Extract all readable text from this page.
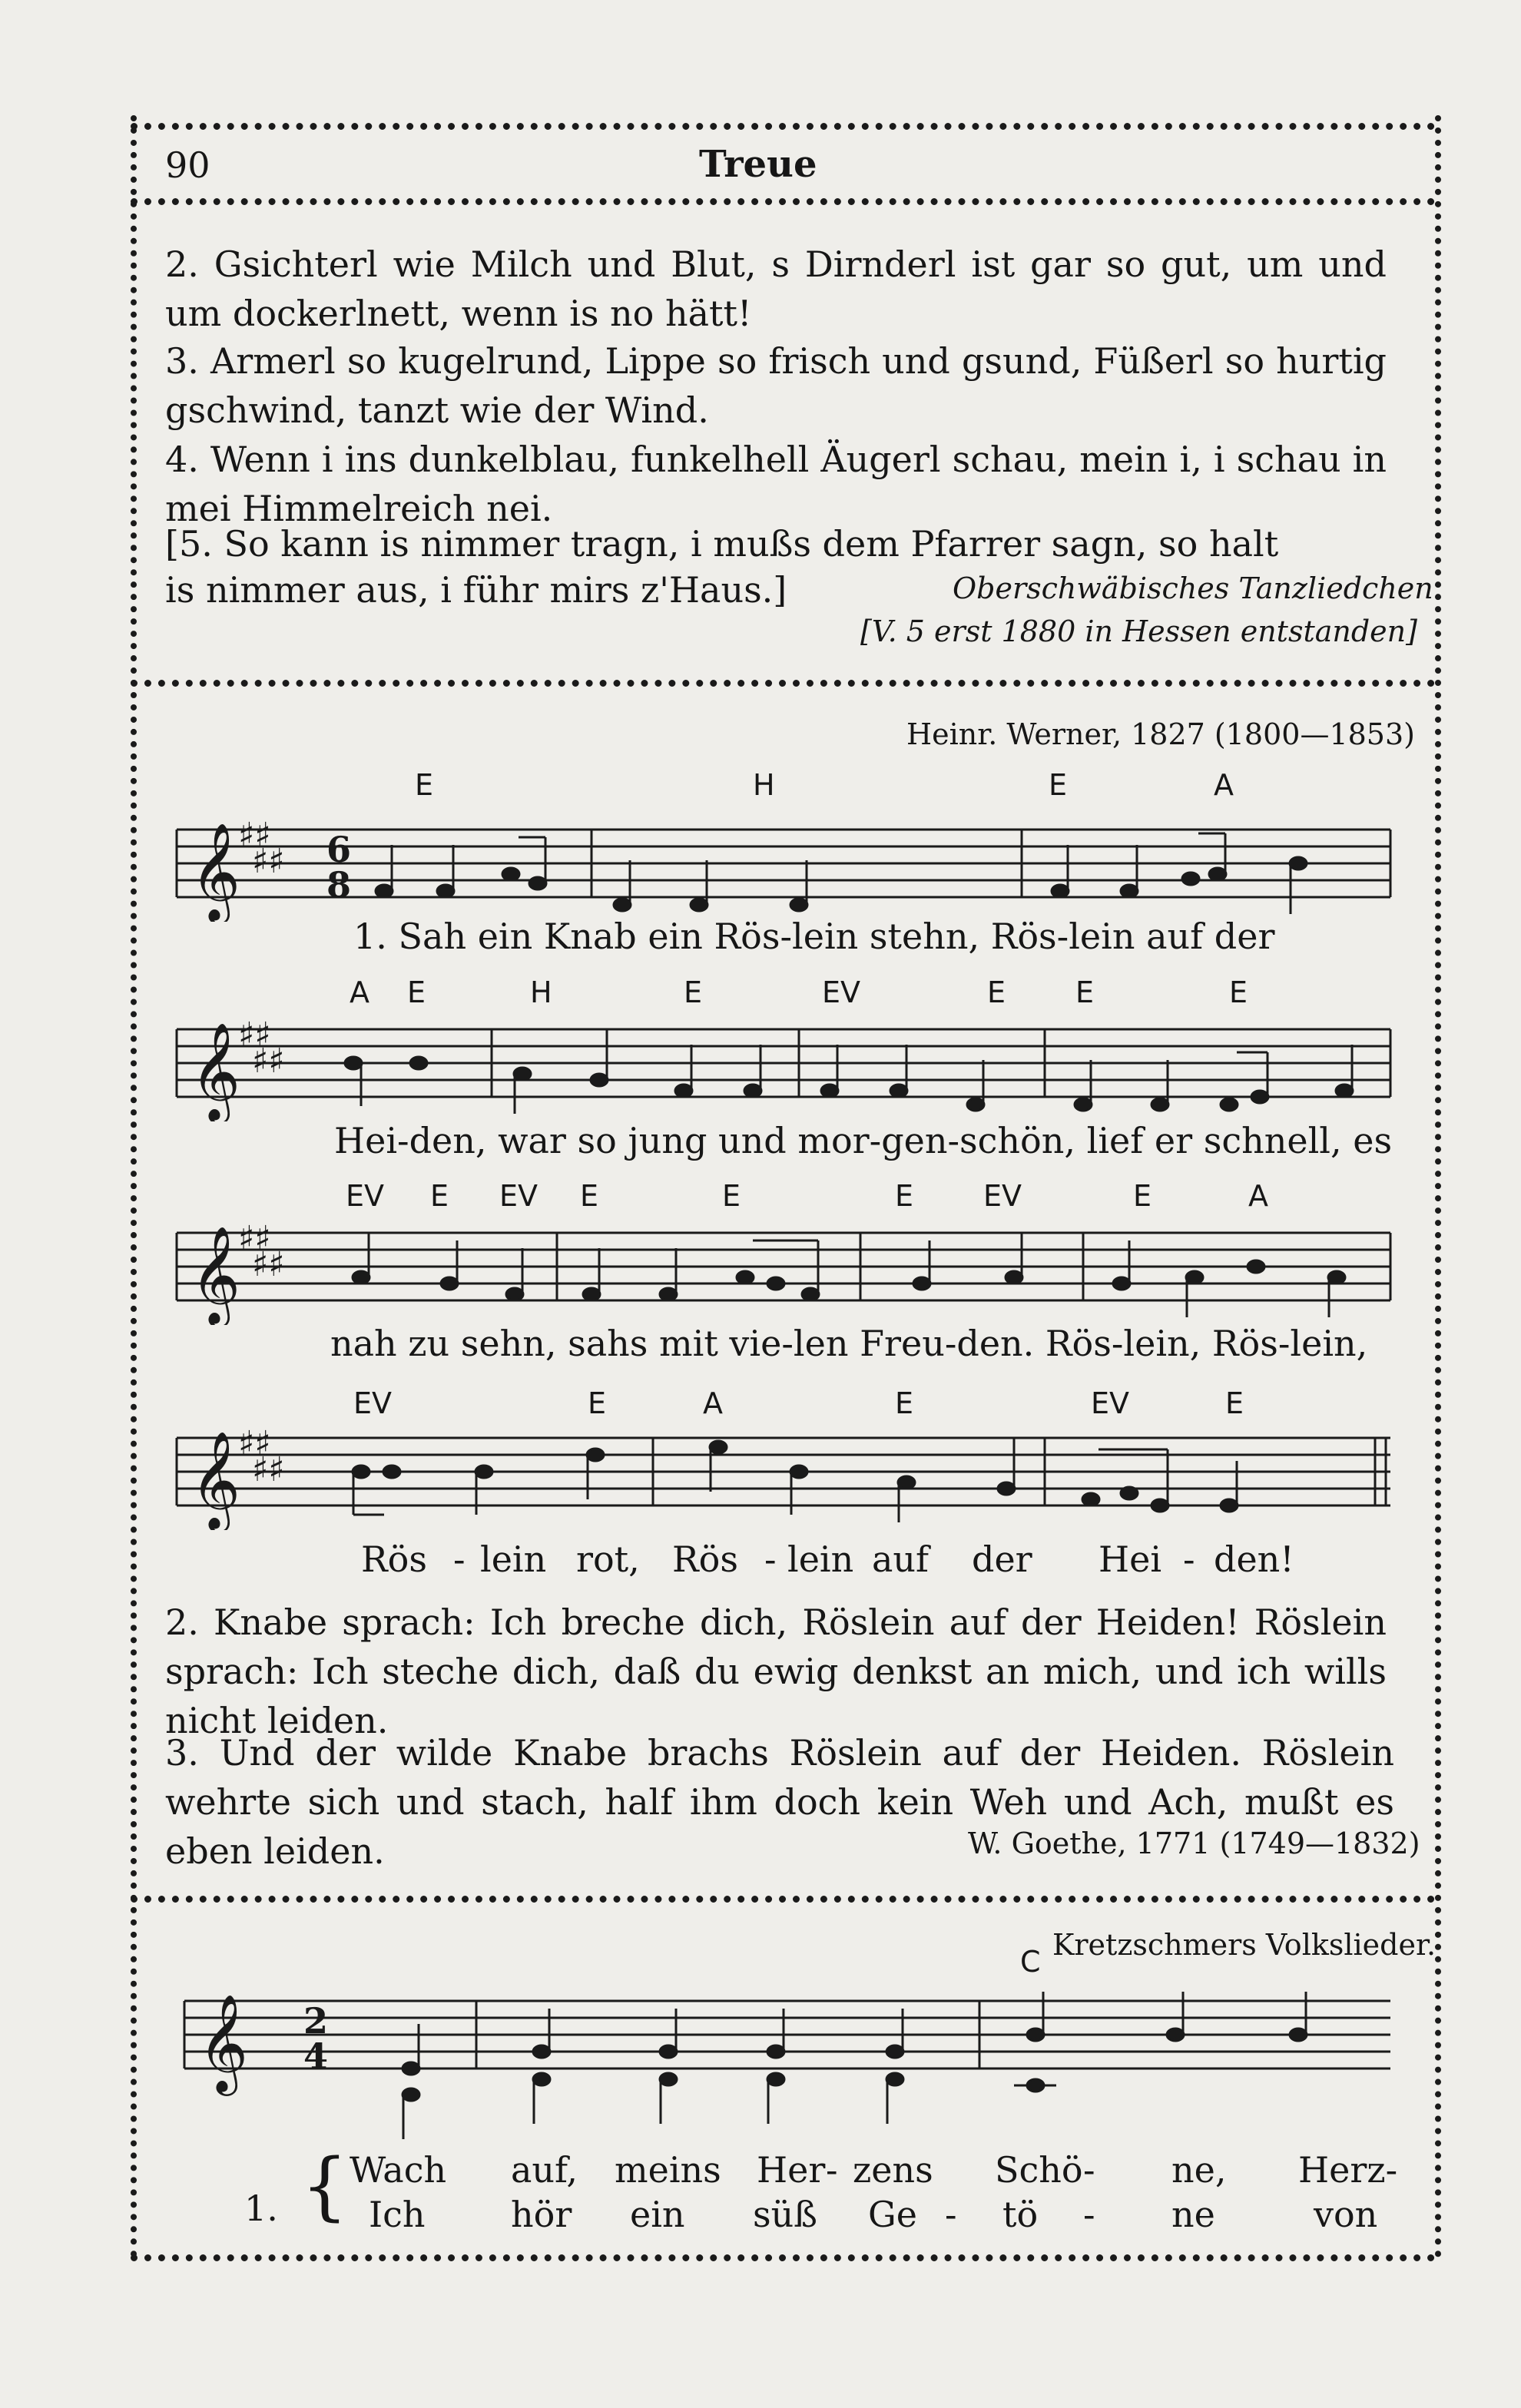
90	Treue
2. Gsichterl wie Milch und Blut, s Dirnderl ist gar so gut, um und um dockerlnett, wenn is no hätt!
3. Armerl so kugelrund, Lippe so frisch und gsund, Füßerl so hurtig gschwind, tanzt wie der Wind.
4. Wenn i ins dunkelblau, funkelhell Äugerl schau, mein i, i schau in mei Himmelreich nei.
[5. So kann is nimmer tragn, i mußs dem Pfarrer sagn, so halt
is nimmer aus, i führ mirs z'Haus.]	Oberschwäbisches Tanzliedchen
[V. 5 erst 1880 in Hessen entstanden]
Heinr. Werner, 1827 (1800—1853)
E	H	E	A
𝄞
♯♯
♯♯ 6
8
1. Sah ein Knab ein Rös-lein stehn, Rös-lein auf der
A E	H	E	EV	E E	E
𝄞
♯♯
♯♯
Hei-den, war so jung und mor-gen-schön, lief er schnell, es
EV E EV E	E	E EV	E	A
𝄞
♯♯
♯♯
nah zu sehn, sahs mit vie-len Freu-den. Rös-lein, Rös-lein,
EV	E	A	E	EV	E
𝄞
♯♯
♯♯
Rös - lein rot, Rös - lein auf der Hei - den!
2. Knabe sprach: Ich breche dich, Röslein auf der Heiden! Röslein sprach: Ich steche dich, daß du ewig denkst an mich, und ich wills nicht leiden.
3. Und der wilde Knabe brachs Röslein auf der Heiden. Röslein wehrte sich und stach, half ihm doch kein Weh und Ach, mußt es eben leiden.	W. Goethe, 1771 (1749—1832)
Kretzschmers Volkslieder.
C
𝄞 2
4
1. { Wach auf, meins Her - zens Schö - ne, Herz-
Ich hör ein süß Ge - tö - ne	von
